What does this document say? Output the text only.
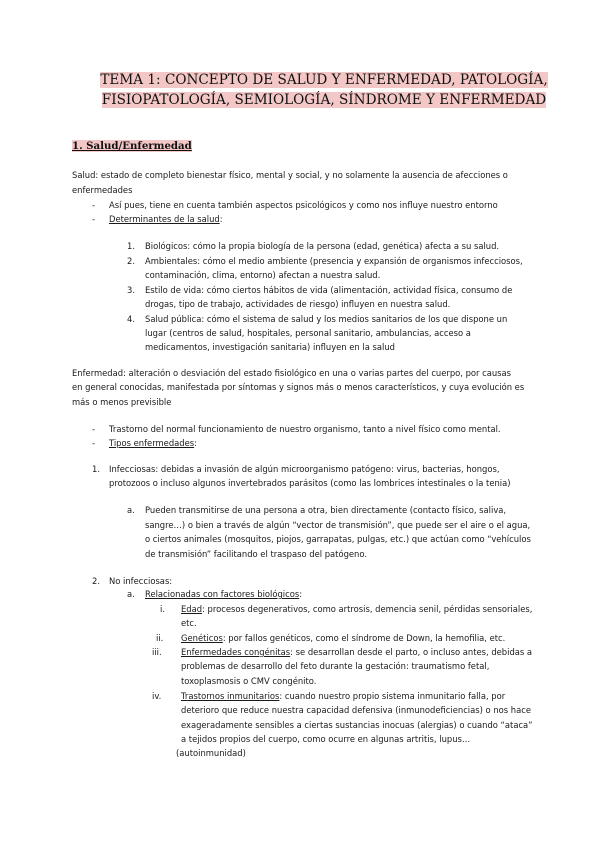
TEMA 1: CONCEPTO DE SALUD Y ENFERMEDAD, PATOLOGÍA,
FISIOPATOLOGÍA, SEMIOLOGÍA, SÍNDROME Y ENFERMEDAD
1. Salud/Enfermedad
Salud: estado de completo bienestar físico, mental y social, y no solamente la ausencia de afecciones o
enfermedades
- Así pues, tiene en cuenta también aspectos psicológicos y como nos influye nuestro entorno
- Determinantes de la salud:
1. Biológicos: cómo la propia biología de la persona (edad, genética) afecta a su salud.
2. Ambientales: cómo el medio ambiente (presencia y expansión de organismos infecciosos,
contaminación, clima, entorno) afectan a nuestra salud.
3. Estilo de vida: cómo ciertos hábitos de vida (alimentación, actividad física, consumo de
drogas, tipo de trabajo, actividades de riesgo) influyen en nuestra salud.
4. Salud pública: cómo el sistema de salud y los medios sanitarios de los que dispone un
lugar (centros de salud, hospitales, personal sanitario, ambulancias, acceso a
medicamentos, investigación sanitaria) influyen en la salud
Enfermedad: alteración o desviación del estado fisiológico en una o varias partes del cuerpo, por causas
en general conocidas, manifestada por síntomas y signos más o menos característicos, y cuya evolución es
más o menos previsible
- Trastorno del normal funcionamiento de nuestro organismo, tanto a nivel físico como mental.
- Tipos enfermedades:
1. Infecciosas: debidas a invasión de algún microorganismo patógeno: virus, bacterias, hongos,
protozoos o incluso algunos invertebrados parásitos (como las lombrices intestinales o la tenia)
a. Pueden transmitirse de una persona a otra, bien directamente (contacto físico, saliva,
sangre…) o bien a través de algún “vector de transmisión”, que puede ser el aire o el agua,
o ciertos animales (mosquitos, piojos, garrapatas, pulgas, etc.) que actúan como “vehículos
de transmisión” facilitando el traspaso del patógeno.
2. No infecciosas:
a. Relacionadas con factores biológicos:
i. Edad: procesos degenerativos, como artrosis, demencia senil, pérdidas sensoriales,
etc.
ii. Genéticos: por fallos genéticos, como el síndrome de Down, la hemofilia, etc.
iii. Enfermedades congénitas: se desarrollan desde el parto, o incluso antes, debidas a
problemas de desarrollo del feto durante la gestación: traumatismo fetal,
toxoplasmosis o CMV congénito.
iv. Trastornos inmunitarios: cuando nuestro propio sistema inmunitario falla, por
deterioro que reduce nuestra capacidad defensiva (inmunodeficiencias) o nos hace
exageradamente sensibles a ciertas sustancias inocuas (alergias) o cuando “ataca”
a tejidos propios del cuerpo, como ocurre en algunas artritis, lupus…
(autoinmunidad)
